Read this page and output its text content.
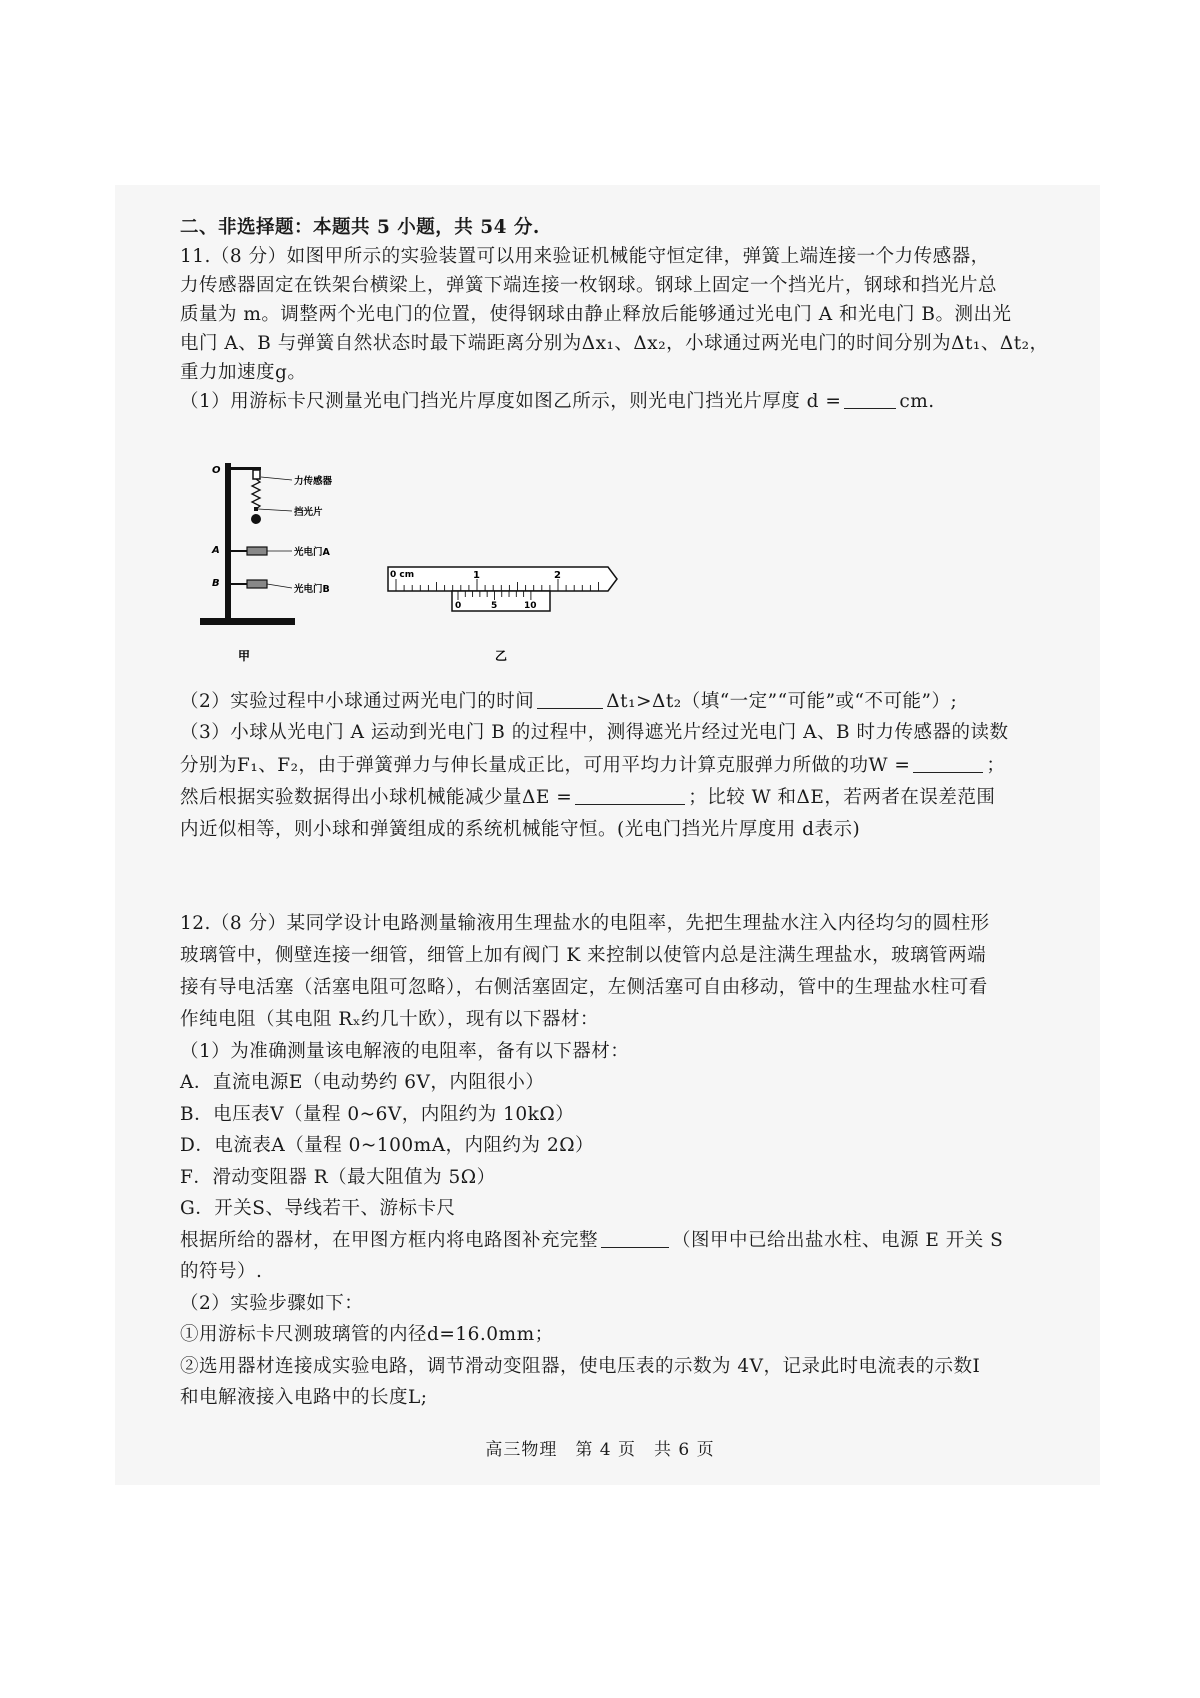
二、非选择题：本题共 5 小题，共 54 分.
11.（8 分）如图甲所示的实验装置可以用来验证机械能守恒定律，弹簧上端连接一个力传感器，
力传感器固定在铁架台横梁上，弹簧下端连接一枚钢球。钢球上固定一个挡光片，钢球和挡光片总
质量为 m。调整两个光电门的位置，使得钢球由静止释放后能够通过光电门 A 和光电门 B。测出光
电门 A、B 与弹簧自然状态时最下端距离分别为Δx₁、Δx₂，小球通过两光电门的时间分别为Δt₁、Δt₂，
重力加速度g。
（1）用游标卡尺测量光电门挡光片厚度如图乙所示，则光电门挡光片厚度 d =	cm.
O
A
B
力传感器
挡光片
光电门A
光电门B
甲
0 cm	1	2
0	5	10
乙
（2）实验过程中小球通过两光电门的时间	Δt₁>Δt₂（填“一定”“可能”或“不可能”）;
（3）小球从光电门 A 运动到光电门 B 的过程中，测得遮光片经过光电门 A、B 时力传感器的读数
分别为F₁、F₂，由于弹簧弹力与伸长量成正比，可用平均力计算克服弹力所做的功W =	；
然后根据实验数据得出小球机械能减少量ΔE =	；比较 W 和ΔE，若两者在误差范围
内近似相等，则小球和弹簧组成的系统机械能守恒。(光电门挡光片厚度用 d表示)
12.（8 分）某同学设计电路测量输液用生理盐水的电阻率，先把生理盐水注入内径均匀的圆柱形
玻璃管中，侧壁连接一细管，细管上加有阀门 K 来控制以使管内总是注满生理盐水，玻璃管两端
接有导电活塞（活塞电阻可忽略），右侧活塞固定，左侧活塞可自由移动，管中的生理盐水柱可看
作纯电阻（其电阻 Rₓ约几十欧），现有以下器材：
（1）为准确测量该电解液的电阻率，备有以下器材：
A．直流电源E（电动势约 6V，内阻很小）
B．电压表V（量程 0~6V，内阻约为 10kΩ）
D．电流表A（量程 0~100mA，内阻约为 2Ω）
F．滑动变阻器 R（最大阻值为 5Ω）
G．开关S、导线若干、游标卡尺
根据所给的器材，在甲图方框内将电路图补充完整	（图甲中已给出盐水柱、电源 E 开关 S
的符号）.
（2）实验步骤如下：
①用游标卡尺测玻璃管的内径d=16.0mm；
②选用器材连接成实验电路，调节滑动变阻器，使电压表的示数为 4V，记录此时电流表的示数I
和电解液接入电路中的长度L;
高三物理　第 4 页　共 6 页
